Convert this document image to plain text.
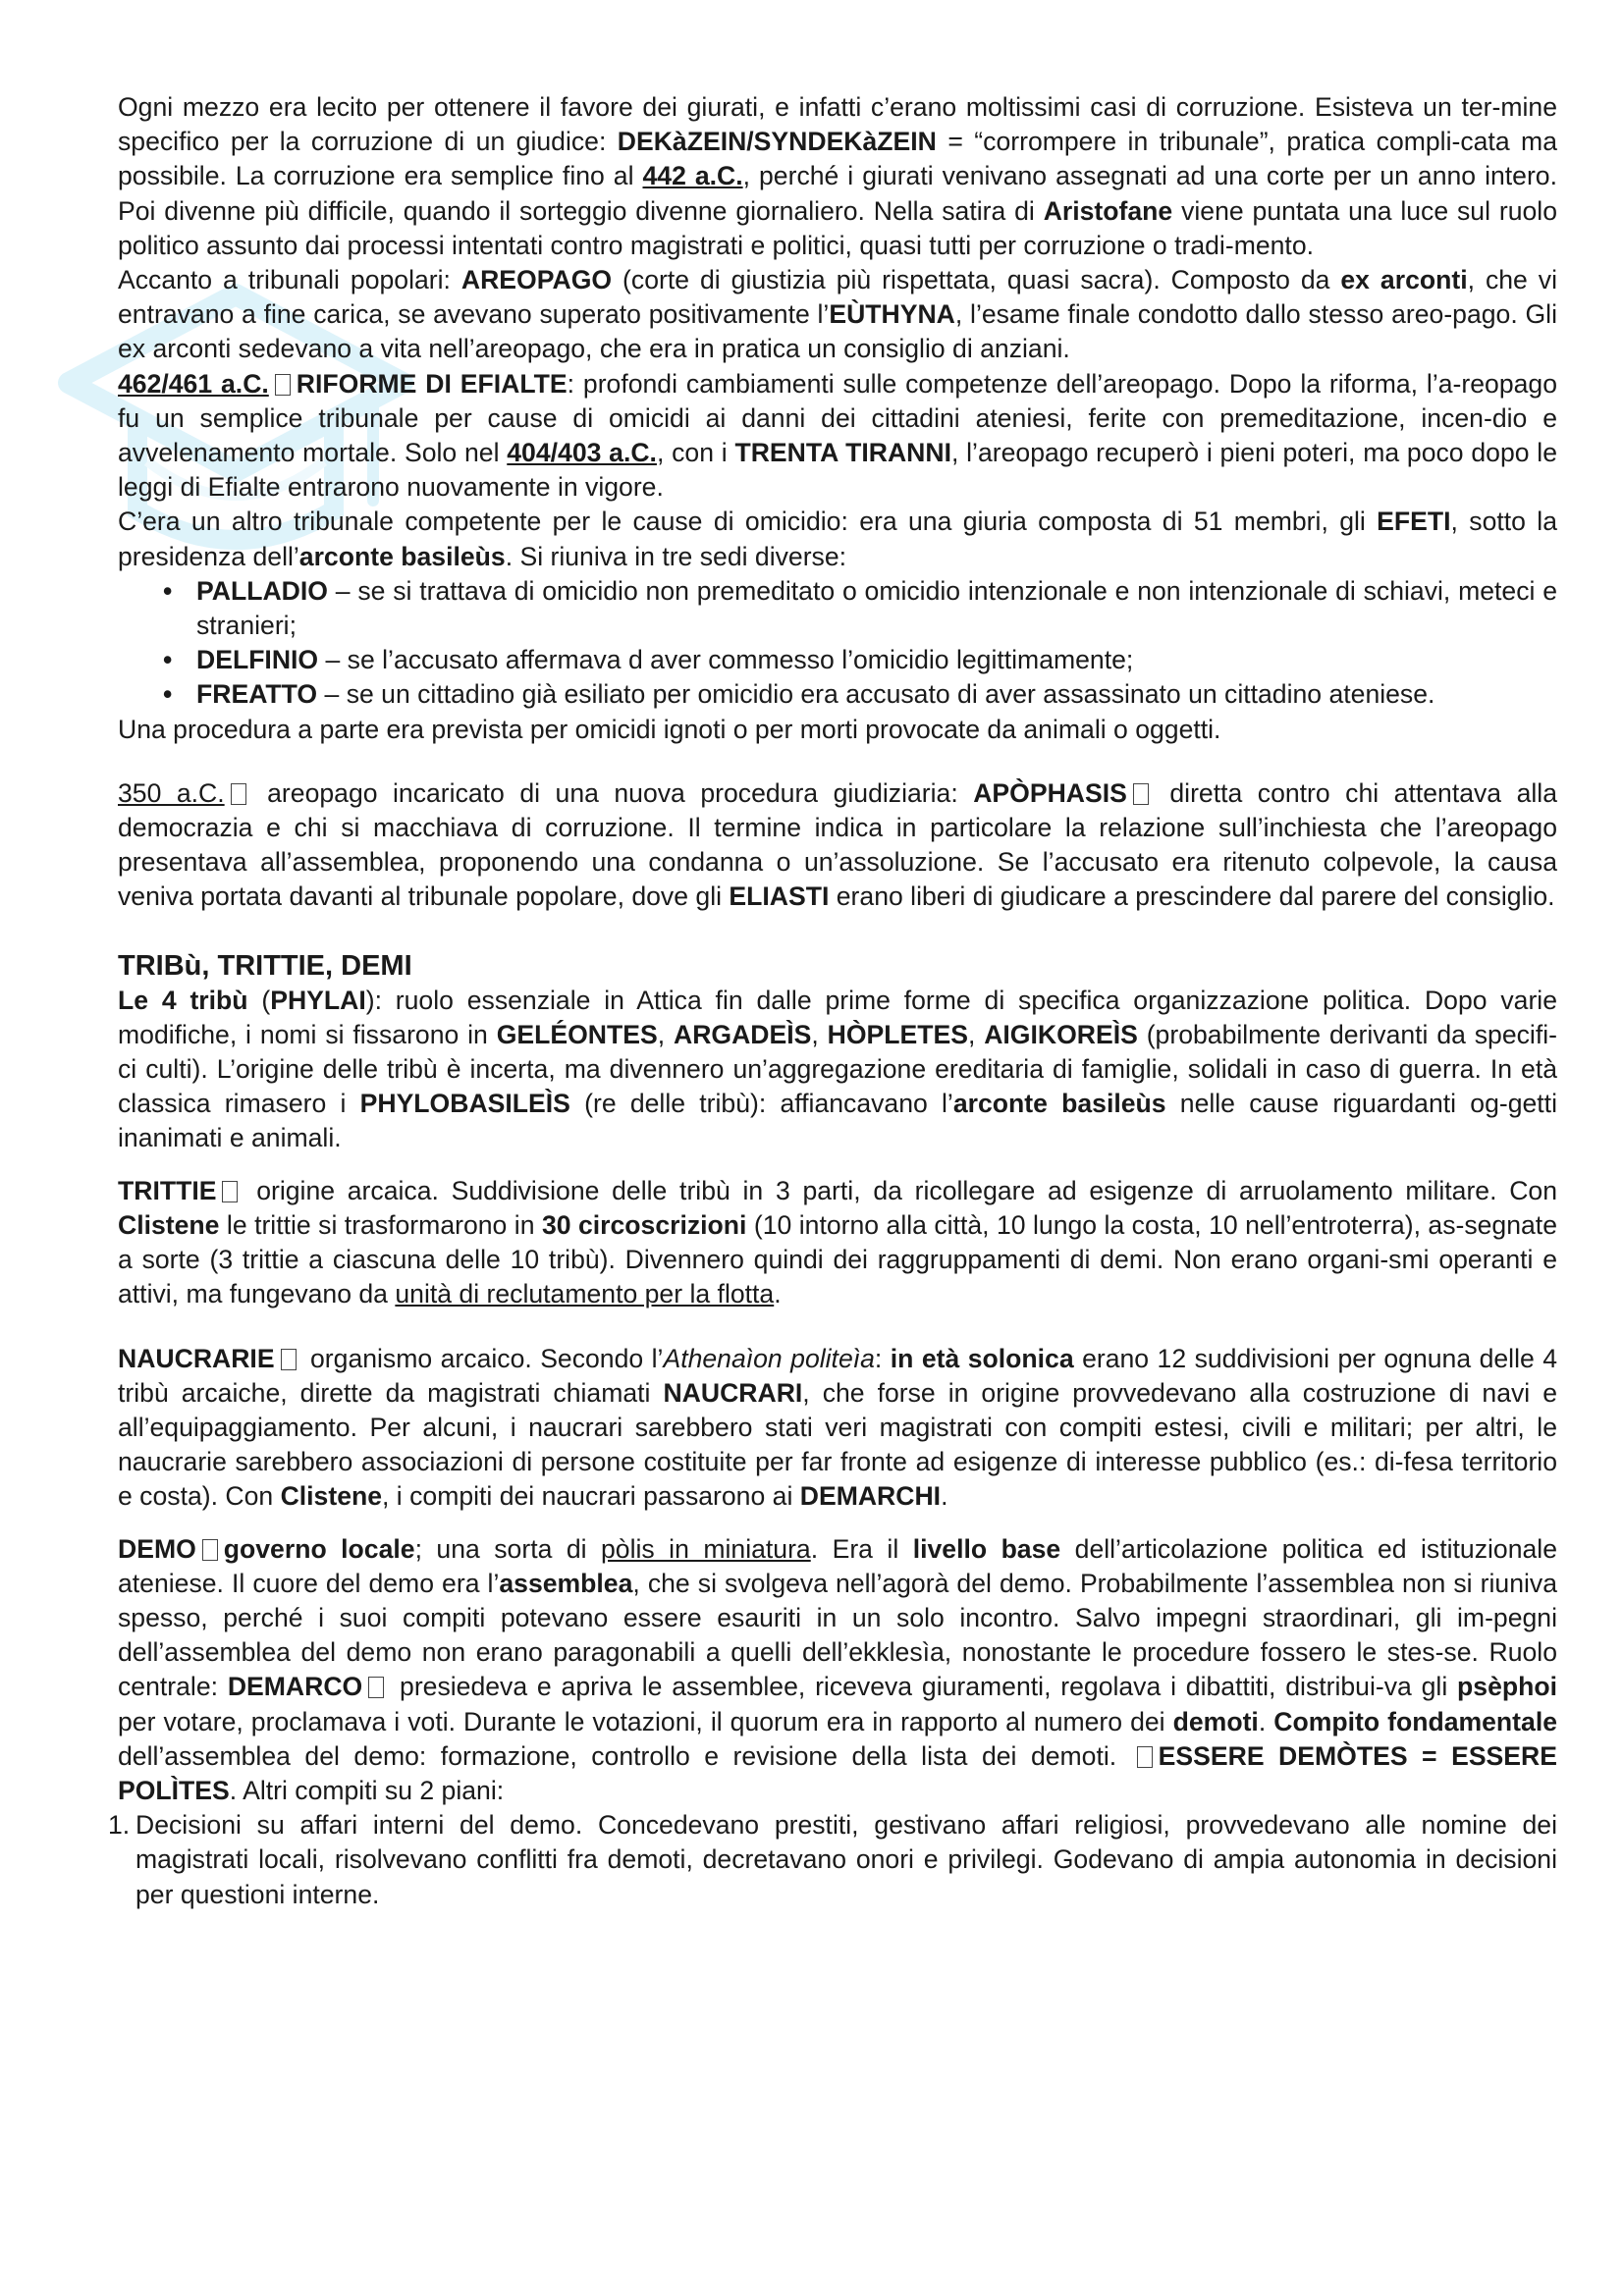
Ogni mezzo era lecito per ottenere il favore dei giurati, e infatti c’erano moltissimi casi di corruzione. Esisteva un ter-mine specifico per la corruzione di un giudice: DEKàZEIN/SYNDEKàZEIN = “corrompere in tribunale”, pratica compli-cata ma possibile. La corruzione era semplice fino al 442 a.C., perché i giurati venivano assegnati ad una corte per un anno intero. Poi divenne più difficile, quando il sorteggio divenne giornaliero. Nella satira di Aristofane viene puntata una luce sul ruolo politico assunto dai processi intentati contro magistrati e politici, quasi tutti per corruzione o tradi-mento.

Accanto a tribunali popolari: AREOPAGO (corte di giustizia più rispettata, quasi sacra). Composto da ex arconti, che vi entravano a fine carica, se avevano superato positivamente l’EÙTHYNA, l’esame finale condotto dallo stesso areo-pago. Gli ex arconti sedevano a vita nell’areopago, che era in pratica un consiglio di anziani.

462/461 a.C. RIFORME DI EFIALTE: profondi cambiamenti sulle competenze dell’areopago. Dopo la riforma, l’a-reopago fu un semplice tribunale per cause di omicidi ai danni dei cittadini ateniesi, ferite con premeditazione, incen-dio e avvelenamento mortale. Solo nel 404/403 a.C., con i TRENTA TIRANNI, l’areopago recuperò i pieni poteri, ma poco dopo le leggi di Efialte entrarono nuovamente in vigore.

C’era un altro tribunale competente per le cause di omicidio: era una giuria composta di 51 membri, gli EFETI, sotto la presidenza dell’arconte basileùs. Si riuniva in tre sedi diverse:

• PALLADIO – se si trattava di omicidio non premeditato o omicidio intenzionale e non intenzionale di schiavi, meteci e stranieri;
• DELFINIO – se l’accusato affermava d aver commesso l’omicidio legittimamente;
• FREATTO – se un cittadino già esiliato per omicidio era accusato di aver assassinato un cittadino ateniese.

Una procedura a parte era prevista per omicidi ignoti o per morti provocate da animali o oggetti.

350 a.C. areopago incaricato di una nuova procedura giudiziaria: APÒPHASIS diretta contro chi attentava alla democrazia e chi si macchiava di corruzione. Il termine indica in particolare la relazione sull’inchiesta che l’areopago presentava all’assemblea, proponendo una condanna o un’assoluzione. Se l’accusato era ritenuto colpevole, la causa veniva portata davanti al tribunale popolare, dove gli ELIASTI erano liberi di giudicare a prescindere dal parere del consiglio.

TRIBù, TRITTIE, DEMI

Le 4 tribù (PHYLAI): ruolo essenziale in Attica fin dalle prime forme di specifica organizzazione politica. Dopo varie modifiche, i nomi si fissarono in GELÉONTES, ARGADEÌS, HÒPLETES, AIGIKOREÌS (probabilmente derivanti da specifi-ci culti). L’origine delle tribù è incerta, ma divennero un’aggregazione ereditaria di famiglie, solidali in caso di guerra. In età classica rimasero i PHYLOBASILEÌS (re delle tribù): affiancavano l’arconte basileùs nelle cause riguardanti og-getti inanimati e animali.

TRITTIE origine arcaica. Suddivisione delle tribù in 3 parti, da ricollegare ad esigenze di arruolamento militare. Con Clistene le trittie si trasformarono in 30 circoscrizioni (10 intorno alla città, 10 lungo la costa, 10 nell’entroterra), as-segnate a sorte (3 trittie a ciascuna delle 10 tribù). Divennero quindi dei raggruppamenti di demi. Non erano organi-smi operanti e attivi, ma fungevano da unità di reclutamento per la flotta.

NAUCRARIE organismo arcaico. Secondo l’Athenaìon politeìa: in età solonica erano 12 suddivisioni per ognuna delle 4 tribù arcaiche, dirette da magistrati chiamati NAUCRARI, che forse in origine provvedevano alla costruzione di navi e all’equipaggiamento. Per alcuni, i naucrari sarebbero stati veri magistrati con compiti estesi, civili e militari; per altri, le naucrarie sarebbero associazioni di persone costituite per far fronte ad esigenze di interesse pubblico (es.: di-fesa territorio e costa). Con Clistene, i compiti dei naucrari passarono ai DEMARCHI.

DEMO governo locale; una sorta di pòlis in miniatura. Era il livello base dell’articolazione politica ed istituzionale ateniese. Il cuore del demo era l’assemblea, che si svolgeva nell’agorà del demo. Probabilmente l’assemblea non si riuniva spesso, perché i suoi compiti potevano essere esauriti in un solo incontro. Salvo impegni straordinari, gli im-pegni dell’assemblea del demo non erano paragonabili a quelli dell’ekklesìa, nonostante le procedure fossero le stes-se. Ruolo centrale: DEMARCO presiedeva e apriva le assemblee, riceveva giuramenti, regolava i dibattiti, distribui-va gli psèphoi per votare, proclamava i voti. Durante le votazioni, il quorum era in rapporto al numero dei demoti. Compito fondamentale dell’assemblea del demo: formazione, controllo e revisione della lista dei demoti. ESSERE DEMÒTES = ESSERE POLÌTES. Altri compiti su 2 piani:

1. Decisioni su affari interni del demo. Concedevano prestiti, gestivano affari religiosi, provvedevano alle nomine dei magistrati locali, risolvevano conflitti fra demoti, decretavano onori e privilegi. Godevano di ampia autonomia in decisioni per questioni interne.
